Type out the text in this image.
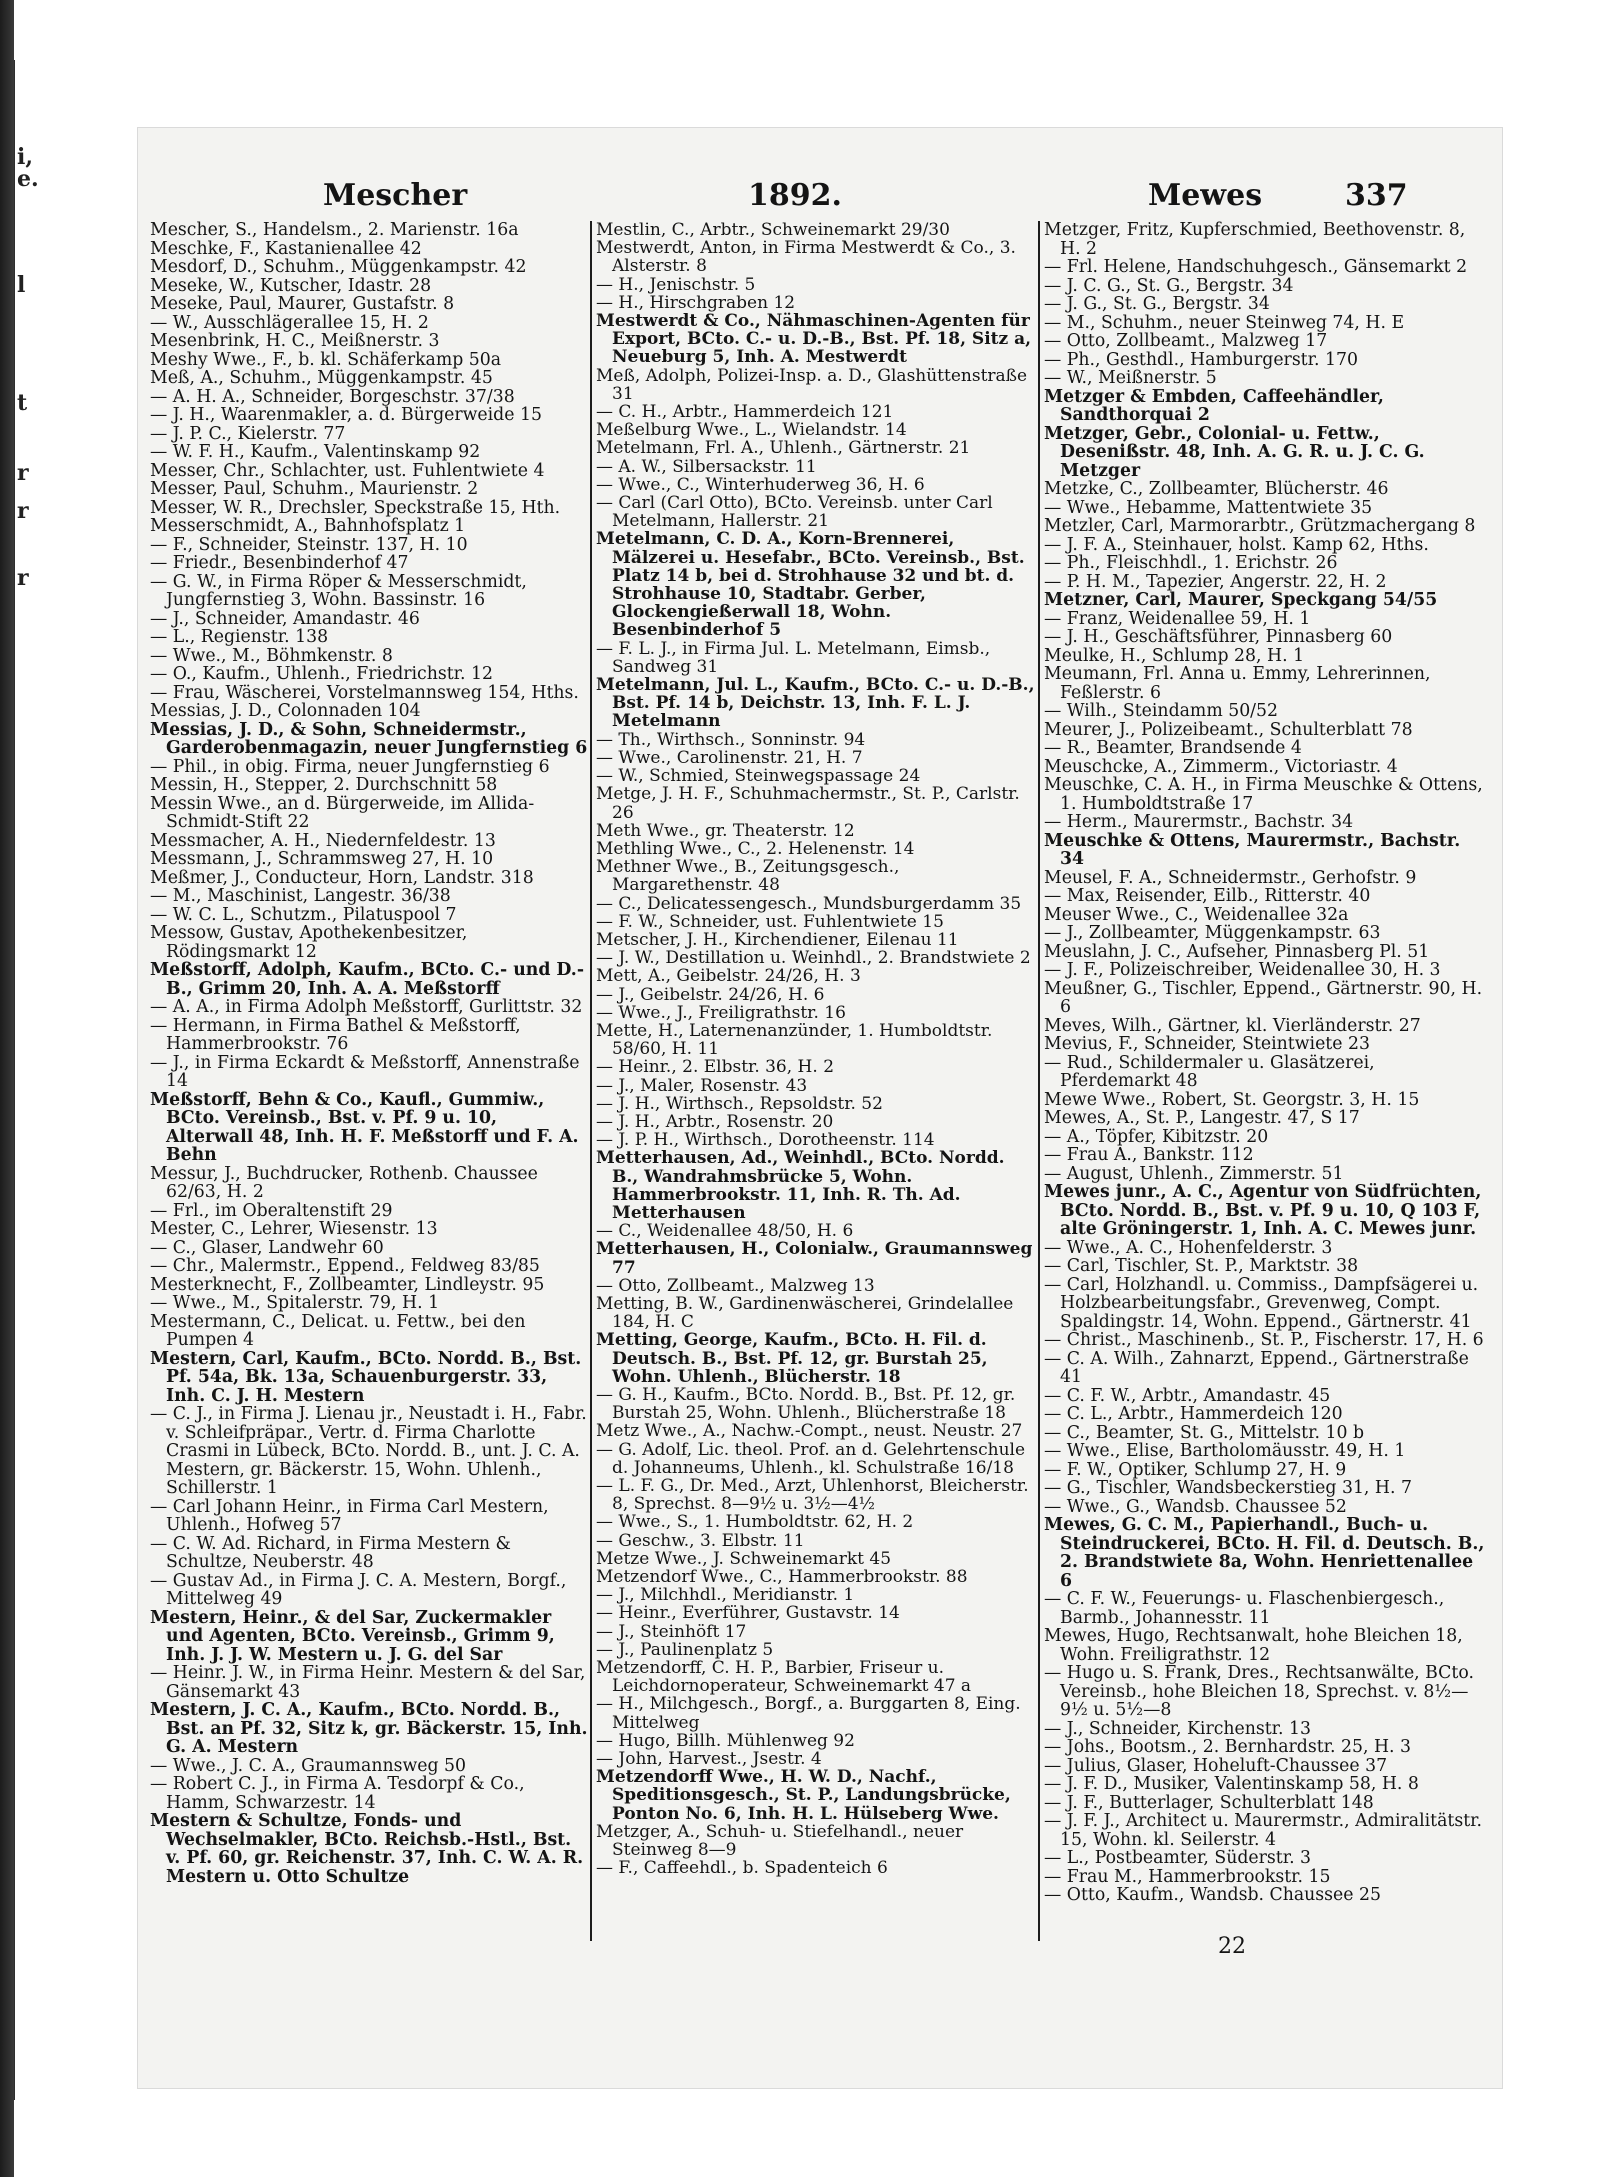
i,
e.
l
t
r
r
r
Mescher	1892.	Mewes	337
Mescher, S., Handelsm., 2. Marienstr. 16a
Meschke, F., Kastanienallee 42
Mesdorf, D., Schuhm., Müggenkampstr. 42
Meseke, W., Kutscher, Idastr. 28
Meseke, Paul, Maurer, Gustafstr. 8
— W., Ausschlägerallee 15, H. 2
Mesenbrink, H. C., Meißnerstr. 3
Meshy Wwe., F., b. kl. Schäferkamp 50a
Meß, A., Schuhm., Müggenkampstr. 45
— A. H. A., Schneider, Borgeschstr. 37/38
— J. H., Waarenmakler, a. d. Bürgerweide 15
— J. P. C., Kielerstr. 77
— W. F. H., Kaufm., Valentinskamp 92
Messer, Chr., Schlachter, ust. Fuhlentwiete 4
Messer, Paul, Schuhm., Maurienstr. 2
Messer, W. R., Drechsler, Speckstraße 15, Hth.
Messerschmidt, A., Bahnhofsplatz 1
— F., Schneider, Steinstr. 137, H. 10
— Friedr., Besenbinderhof 47
— G. W., in Firma Röper & Messerschmidt, Jungfernstieg 3, Wohn. Bassinstr. 16
— J., Schneider, Amandastr. 46
— L., Regienstr. 138
— Wwe., M., Böhmkenstr. 8
— O., Kaufm., Uhlenh., Friedrichstr. 12
— Frau, Wäscherei, Vorstelmannsweg 154, Hths.
Messias, J. D., Colonnaden 104
Messias, J. D., & Sohn, Schneidermstr., Garderobenmagazin, neuer Jungfernstieg 6
— Phil., in obig. Firma, neuer Jungfernstieg 6
Messin, H., Stepper, 2. Durchschnitt 58
Messin Wwe., an d. Bürgerweide, im Allida-Schmidt-Stift 22
Messmacher, A. H., Niedernfeldestr. 13
Messmann, J., Schrammsweg 27, H. 10
Meßmer, J., Conducteur, Horn, Landstr. 318
— M., Maschinist, Langestr. 36/38
— W. C. L., Schutzm., Pilatuspool 7
Messow, Gustav, Apothekenbesitzer, Rödingsmarkt 12
Meßstorff, Adolph, Kaufm., BCto. C.- und D.-B., Grimm 20, Inh. A. A. Meßstorff
— A. A., in Firma Adolph Meßstorff, Gurlittstr. 32
— Hermann, in Firma Bathel & Meßstorff, Hammerbrookstr. 76
— J., in Firma Eckardt & Meßstorff, Annenstraße 14
Meßstorff, Behn & Co., Kaufl., Gummiw., BCto. Vereinsb., Bst. v. Pf. 9 u. 10, Alterwall 48, Inh. H. F. Meßstorff und F. A. Behn
Messur, J., Buchdrucker, Rothenb. Chaussee 62/63, H. 2
— Frl., im Oberaltenstift 29
Mester, C., Lehrer, Wiesenstr. 13
— C., Glaser, Landwehr 60
— Chr., Malermstr., Eppend., Feldweg 83/85
Mesterknecht, F., Zollbeamter, Lindleystr. 95
— Wwe., M., Spitalerstr. 79, H. 1
Mestermann, C., Delicat. u. Fettw., bei den Pumpen 4
Mestern, Carl, Kaufm., BCto. Nordd. B., Bst. Pf. 54a, Bk. 13a, Schauenburgerstr. 33, Inh. C. J. H. Mestern
— C. J., in Firma J. Lienau jr., Neustadt i. H., Fabr. v. Schleifpräpar., Vertr. d. Firma Charlotte Crasmi in Lübeck, BCto. Nordd. B., unt. J. C. A. Mestern, gr. Bäckerstr. 15, Wohn. Uhlenh., Schillerstr. 1
— Carl Johann Heinr., in Firma Carl Mestern, Uhlenh., Hofweg 57
— C. W. Ad. Richard, in Firma Mestern & Schultze, Neuberstr. 48
— Gustav Ad., in Firma J. C. A. Mestern, Borgf., Mittelweg 49
Mestern, Heinr., & del Sar, Zuckermakler und Agenten, BCto. Vereinsb., Grimm 9, Inh. J. J. W. Mestern u. J. G. del Sar
— Heinr. J. W., in Firma Heinr. Mestern & del Sar, Gänsemarkt 43
Mestern, J. C. A., Kaufm., BCto. Nordd. B., Bst. an Pf. 32, Sitz k, gr. Bäckerstr. 15, Inh. G. A. Mestern
— Wwe., J. C. A., Graumannsweg 50
— Robert C. J., in Firma A. Tesdorpf & Co., Hamm, Schwarzestr. 14
Mestern & Schultze, Fonds- und Wechselmakler, BCto. Reichsb.-Hstl., Bst. v. Pf. 60, gr. Reichenstr. 37, Inh. C. W. A. R. Mestern u. Otto Schultze
Mestlin, C., Arbtr., Schweinemarkt 29/30
Mestwerdt, Anton, in Firma Mestwerdt & Co., 3. Alsterstr. 8
— H., Jenischstr. 5
— H., Hirschgraben 12
Mestwerdt & Co., Nähmaschinen-Agenten für Export, BCto. C.- u. D.-B., Bst. Pf. 18, Sitz a, Neueburg 5, Inh. A. Mestwerdt
Meß, Adolph, Polizei-Insp. a. D., Glashüttenstraße 31
— C. H., Arbtr., Hammerdeich 121
Meßelburg Wwe., L., Wielandstr. 14
Metelmann, Frl. A., Uhlenh., Gärtnerstr. 21
— A. W., Silbersackstr. 11
— Wwe., C., Winterhuderweg 36, H. 6
— Carl (Carl Otto), BCto. Vereinsb. unter Carl Metelmann, Hallerstr. 21
Metelmann, C. D. A., Korn-Brennerei, Mälzerei u. Hesefabr., BCto. Vereinsb., Bst. Platz 14 b, bei d. Strohhause 32 und bt. d. Strohhause 10, Stadtabr. Gerber, Glockengießerwall 18, Wohn. Besenbinderhof 5
— F. L. J., in Firma Jul. L. Metelmann, Eimsb., Sandweg 31
Metelmann, Jul. L., Kaufm., BCto. C.- u. D.-B., Bst. Pf. 14 b, Deichstr. 13, Inh. F. L. J. Metelmann
— Th., Wirthsch., Sonninstr. 94
— Wwe., Carolinenstr. 21, H. 7
— W., Schmied, Steinwegspassage 24
Metge, J. H. F., Schuhmachermstr., St. P., Carlstr. 26
Meth Wwe., gr. Theaterstr. 12
Methling Wwe., C., 2. Helenenstr. 14
Methner Wwe., B., Zeitungsgesch., Margarethenstr. 48
— C., Delicatessengesch., Mundsburgerdamm 35
— F. W., Schneider, ust. Fuhlentwiete 15
Metscher, J. H., Kirchendiener, Eilenau 11
— J. W., Destillation u. Weinhdl., 2. Brandstwiete 2
Mett, A., Geibelstr. 24/26, H. 3
— J., Geibelstr. 24/26, H. 6
— Wwe., J., Freiligrathstr. 16
Mette, H., Laternenanzünder, 1. Humboldtstr. 58/60, H. 11
— Heinr., 2. Elbstr. 36, H. 2
— J., Maler, Rosenstr. 43
— J. H., Wirthsch., Repsoldstr. 52
— J. H., Arbtr., Rosenstr. 20
— J. P. H., Wirthsch., Dorotheenstr. 114
Metterhausen, Ad., Weinhdl., BCto. Nordd. B., Wandrahmsbrücke 5, Wohn. Hammerbrookstr. 11, Inh. R. Th. Ad. Metterhausen
— C., Weidenallee 48/50, H. 6
Metterhausen, H., Colonialw., Graumannsweg 77
— Otto, Zollbeamt., Malzweg 13
Metting, B. W., Gardinenwäscherei, Grindelallee 184, H. C
Metting, George, Kaufm., BCto. H. Fil. d. Deutsch. B., Bst. Pf. 12, gr. Burstah 25, Wohn. Uhlenh., Blücherstr. 18
— G. H., Kaufm., BCto. Nordd. B., Bst. Pf. 12, gr. Burstah 25, Wohn. Uhlenh., Blücherstraße 18
Metz Wwe., A., Nachw.-Compt., neust. Neustr. 27
— G. Adolf, Lic. theol. Prof. an d. Gelehrtenschule d. Johanneums, Uhlenh., kl. Schulstraße 16/18
— L. F. G., Dr. Med., Arzt, Uhlenhorst, Bleicherstr. 8, Sprechst. 8—9½ u. 3½—4½
— Wwe., S., 1. Humboldtstr. 62, H. 2
— Geschw., 3. Elbstr. 11
Metze Wwe., J. Schweinemarkt 45
Metzendorf Wwe., C., Hammerbrookstr. 88
— J., Milchhdl., Meridianstr. 1
— Heinr., Everführer, Gustavstr. 14
— J., Steinhöft 17
— J., Paulinenplatz 5
Metzendorff, C. H. P., Barbier, Friseur u. Leichdornoperateur, Schweinemarkt 47 a
— H., Milchgesch., Borgf., a. Burggarten 8, Eing. Mittelweg
— Hugo, Billh. Mühlenweg 92
— John, Harvest., Jsestr. 4
Metzendorff Wwe., H. W. D., Nachf., Speditionsgesch., St. P., Landungsbrücke, Ponton No. 6, Inh. H. L. Hülseberg Wwe.
Metzger, A., Schuh- u. Stiefelhandl., neuer Steinweg 8—9
— F., Caffeehdl., b. Spadenteich 6
Metzger, Fritz, Kupferschmied, Beethovenstr. 8, H. 2
— Frl. Helene, Handschuhgesch., Gänsemarkt 2
— J. C. G., St. G., Bergstr. 34
— J. G., St. G., Bergstr. 34
— M., Schuhm., neuer Steinweg 74, H. E
— Otto, Zollbeamt., Malzweg 17
— Ph., Gesthdl., Hamburgerstr. 170
— W., Meißnerstr. 5
Metzger & Embden, Caffeehändler, Sandthorquai 2
Metzger, Gebr., Colonial- u. Fettw., Desenißstr. 48, Inh. A. G. R. u. J. C. G. Metzger
Metzke, C., Zollbeamter, Blücherstr. 46
— Wwe., Hebamme, Mattentwiete 35
Metzler, Carl, Marmorarbtr., Grützmachergang 8
— J. F. A., Steinhauer, holst. Kamp 62, Hths.
— Ph., Fleischhdl., 1. Erichstr. 26
— P. H. M., Tapezier, Angerstr. 22, H. 2
Metzner, Carl, Maurer, Speckgang 54/55
— Franz, Weidenallee 59, H. 1
— J. H., Geschäftsführer, Pinnasberg 60
Meulke, H., Schlump 28, H. 1
Meumann, Frl. Anna u. Emmy, Lehrerinnen, Feßlerstr. 6
— Wilh., Steindamm 50/52
Meurer, J., Polizeibeamt., Schulterblatt 78
— R., Beamter, Brandsende 4
Meuschcke, A., Zimmerm., Victoriastr. 4
Meuschke, C. A. H., in Firma Meuschke & Ottens, 1. Humboldtstraße 17
— Herm., Maurermstr., Bachstr. 34
Meuschke & Ottens, Maurermstr., Bachstr. 34
Meusel, F. A., Schneidermstr., Gerhofstr. 9
— Max, Reisender, Eilb., Ritterstr. 40
Meuser Wwe., C., Weidenallee 32a
— J., Zollbeamter, Müggenkampstr. 63
Meuslahn, J. C., Aufseher, Pinnasberg Pl. 51
— J. F., Polizeischreiber, Weidenallee 30, H. 3
Meußner, G., Tischler, Eppend., Gärtnerstr. 90, H. 6
Meves, Wilh., Gärtner, kl. Vierländerstr. 27
Mevius, F., Schneider, Steintwiete 23
— Rud., Schildermaler u. Glasätzerei, Pferdemarkt 48
Mewe Wwe., Robert, St. Georgstr. 3, H. 15
Mewes, A., St. P., Langestr. 47, S 17
— A., Töpfer, Kibitzstr. 20
— Frau A., Bankstr. 112
— August, Uhlenh., Zimmerstr. 51
Mewes junr., A. C., Agentur von Südfrüchten, BCto. Nordd. B., Bst. v. Pf. 9 u. 10, Q 103 F, alte Gröningerstr. 1, Inh. A. C. Mewes junr.
— Wwe., A. C., Hohenfelderstr. 3
— Carl, Tischler, St. P., Marktstr. 38
— Carl, Holzhandl. u. Commiss., Dampfsägerei u. Holzbearbeitungsfabr., Grevenweg, Compt. Spaldingstr. 14, Wohn. Eppend., Gärtnerstr. 41
— Christ., Maschinenb., St. P., Fischerstr. 17, H. 6
— C. A. Wilh., Zahnarzt, Eppend., Gärtnerstraße 41
— C. F. W., Arbtr., Amandastr. 45
— C. L., Arbtr., Hammerdeich 120
— C., Beamter, St. G., Mittelstr. 10 b
— Wwe., Elise, Bartholomäusstr. 49, H. 1
— F. W., Optiker, Schlump 27, H. 9
— G., Tischler, Wandsbeckerstieg 31, H. 7
— Wwe., G., Wandsb. Chaussee 52
Mewes, G. C. M., Papierhandl., Buch- u. Steindruckerei, BCto. H. Fil. d. Deutsch. B., 2. Brandstwiete 8a, Wohn. Henriettenallee 6
— C. F. W., Feuerungs- u. Flaschenbiergesch., Barmb., Johannesstr. 11
Mewes, Hugo, Rechtsanwalt, hohe Bleichen 18, Wohn. Freiligrathstr. 12
— Hugo u. S. Frank, Dres., Rechtsanwälte, BCto. Vereinsb., hohe Bleichen 18, Sprechst. v. 8½—9½ u. 5½—8
— J., Schneider, Kirchenstr. 13
— Johs., Bootsm., 2. Bernhardstr. 25, H. 3
— Julius, Glaser, Hoheluft-Chaussee 37
— J. F. D., Musiker, Valentinskamp 58, H. 8
— J. F., Butterlager, Schulterblatt 148
— J. F. J., Architect u. Maurermstr., Admiralitätstr. 15, Wohn. kl. Seilerstr. 4
— L., Postbeamter, Süderstr. 3
— Frau M., Hammerbrookstr. 15
— Otto, Kaufm., Wandsb. Chaussee 25
22
